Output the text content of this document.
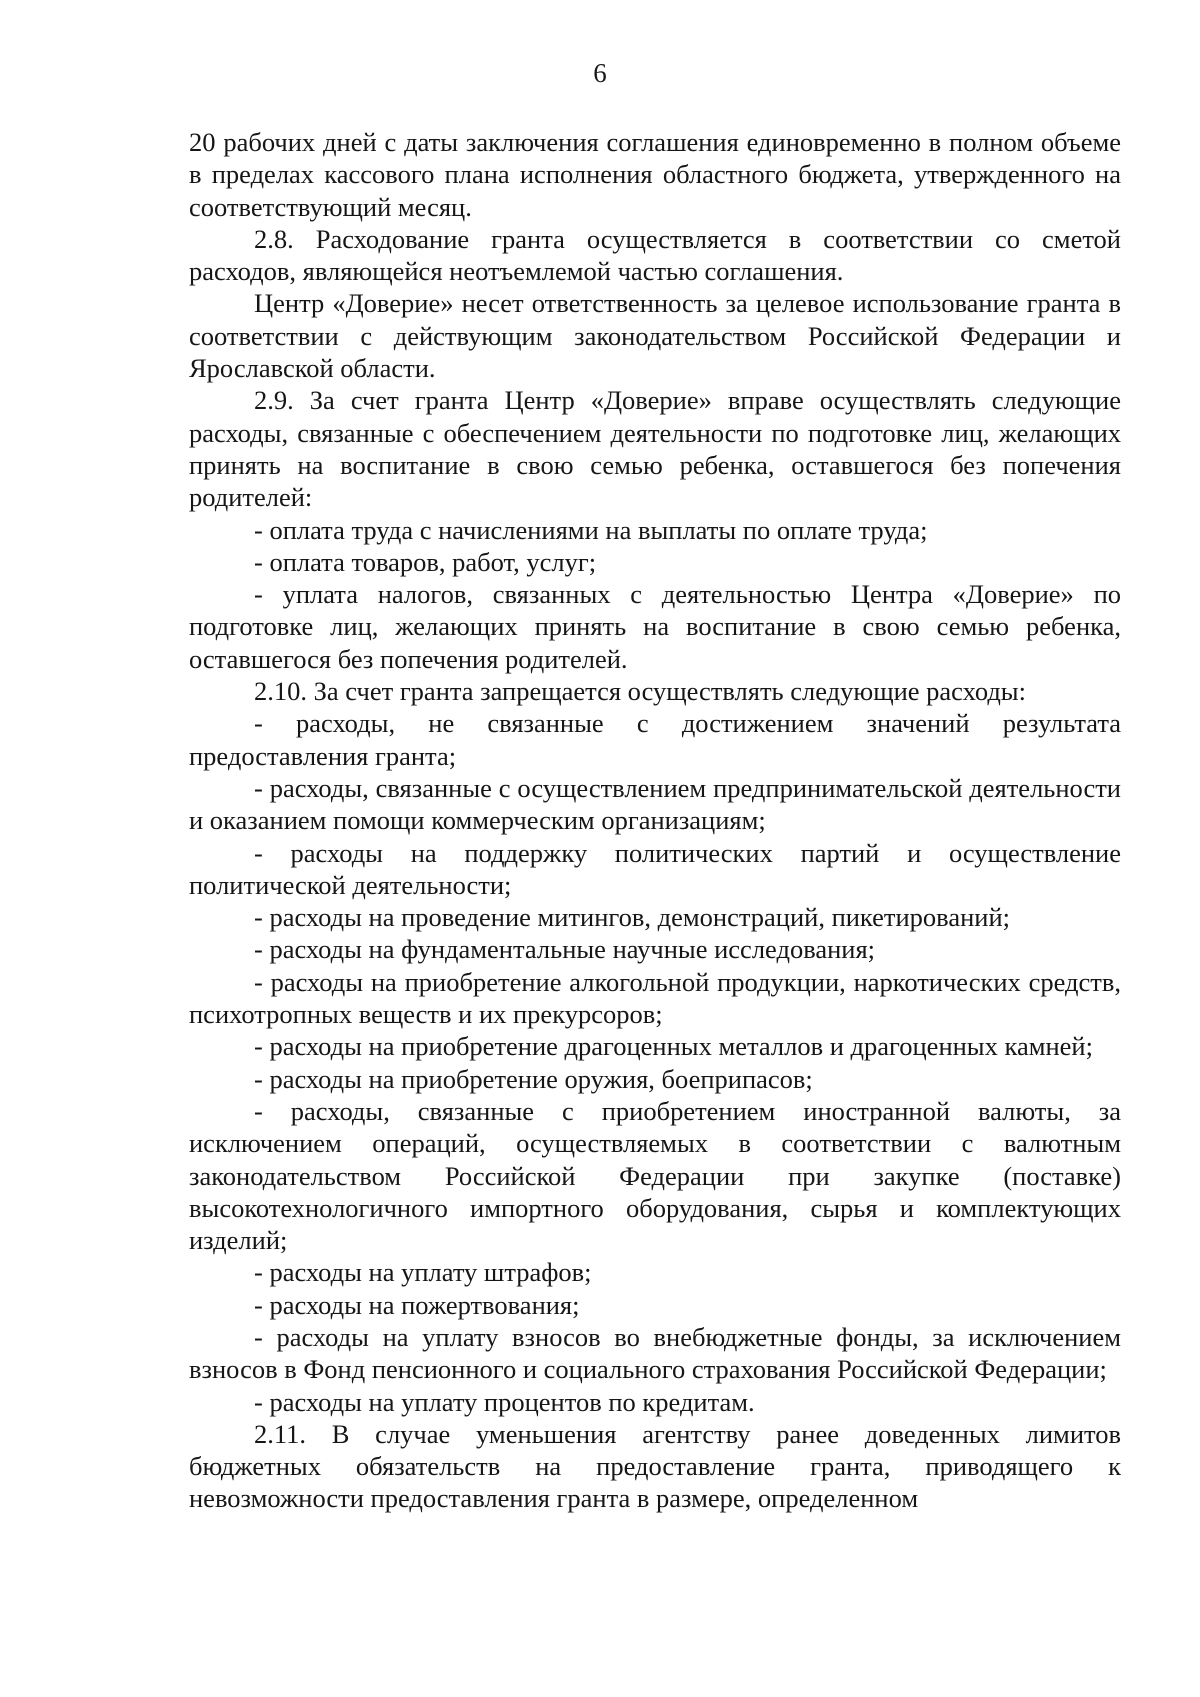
6

20 рабочих дней с даты заключения соглашения единовременно в полном объеме в пределах кассового плана исполнения областного бюджета, утвержденного на соответствующий месяц.

2.8. Расходование гранта осуществляется в соответствии со сметой расходов, являющейся неотъемлемой частью соглашения.

Центр «Доверие» несет ответственность за целевое использование гранта в соответствии с действующим законодательством Российской Федерации и Ярославской области.

2.9. За счет гранта Центр «Доверие» вправе осуществлять следующие расходы, связанные с обеспечением деятельности по подготовке лиц, желающих принять на воспитание в свою семью ребенка, оставшегося без попечения родителей:

- оплата труда с начислениями на выплаты по оплате труда;

- оплата товаров, работ, услуг;

- уплата налогов, связанных с деятельностью Центра «Доверие» по подготовке лиц, желающих принять на воспитание в свою семью ребенка, оставшегося без попечения родителей.

2.10. За счет гранта запрещается осуществлять следующие расходы:

- расходы, не связанные с достижением значений результата предоставления гранта;

- расходы, связанные с осуществлением предпринимательской деятельности и оказанием помощи коммерческим организациям;

- расходы на поддержку политических партий и осуществление политической деятельности;

- расходы на проведение митингов, демонстраций, пикетирований;

- расходы на фундаментальные научные исследования;

- расходы на приобретение алкогольной продукции, наркотических средств, психотропных веществ и их прекурсоров;

- расходы на приобретение драгоценных металлов и драгоценных камней;

- расходы на приобретение оружия, боеприпасов;

- расходы, связанные с приобретением иностранной валюты, за исключением операций, осуществляемых в соответствии с валютным законодательством Российской Федерации при закупке (поставке) высокотехнологичного импортного оборудования, сырья и комплектующих изделий;

- расходы на уплату штрафов;

- расходы на пожертвования;

- расходы на уплату взносов во внебюджетные фонды, за исключением взносов в Фонд пенсионного и социального страхования Российской Федерации;

- расходы на уплату процентов по кредитам.

2.11. В случае уменьшения агентству ранее доведенных лимитов бюджетных обязательств на предоставление гранта, приводящего к невозможности предоставления гранта в размере, определенном
